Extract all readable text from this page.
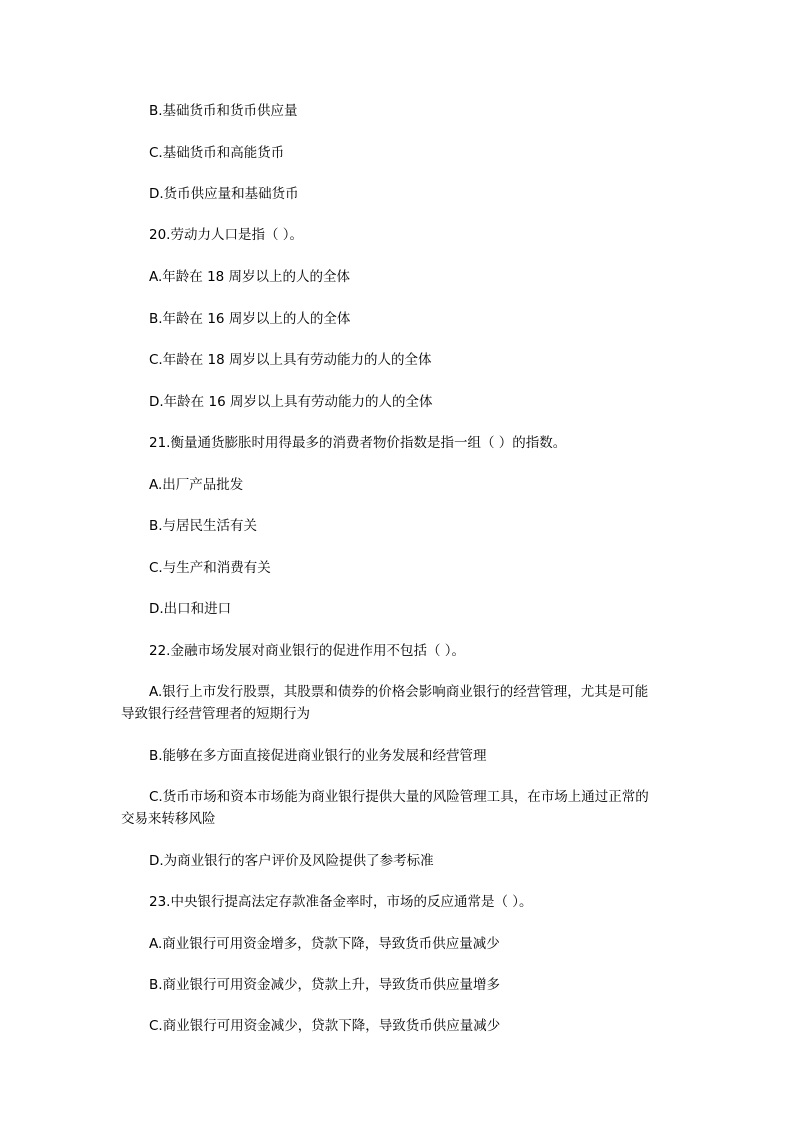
B.基础货币和货币供应量
C.基础货币和高能货币
D.货币供应量和基础货币
20.劳动力人口是指（ ）。
A.年龄在 18 周岁以上的人的全体
B.年龄在 16 周岁以上的人的全体
C.年龄在 18 周岁以上具有劳动能力的人的全体
D.年龄在 16 周岁以上具有劳动能力的人的全体
21.衡量通货膨胀时用得最多的消费者物价指数是指一组（ ）的指数。
A.出厂产品批发
B.与居民生活有关
C.与生产和消费有关
D.出口和进口
22.金融市场发展对商业银行的促进作用不包括（ ）。
A.银行上市发行股票，其股票和债券的价格会影响商业银行的经营管理，尤其是可能
导致银行经营管理者的短期行为
B.能够在多方面直接促进商业银行的业务发展和经营管理
C.货币市场和资本市场能为商业银行提供大量的风险管理工具，在市场上通过正常的
交易来转移风险
D.为商业银行的客户评价及风险提供了参考标准
23.中央银行提高法定存款准备金率时，市场的反应通常是（ ）。
A.商业银行可用资金增多，贷款下降，导致货币供应量减少
B.商业银行可用资金减少，贷款上升，导致货币供应量增多
C.商业银行可用资金减少，贷款下降，导致货币供应量减少
